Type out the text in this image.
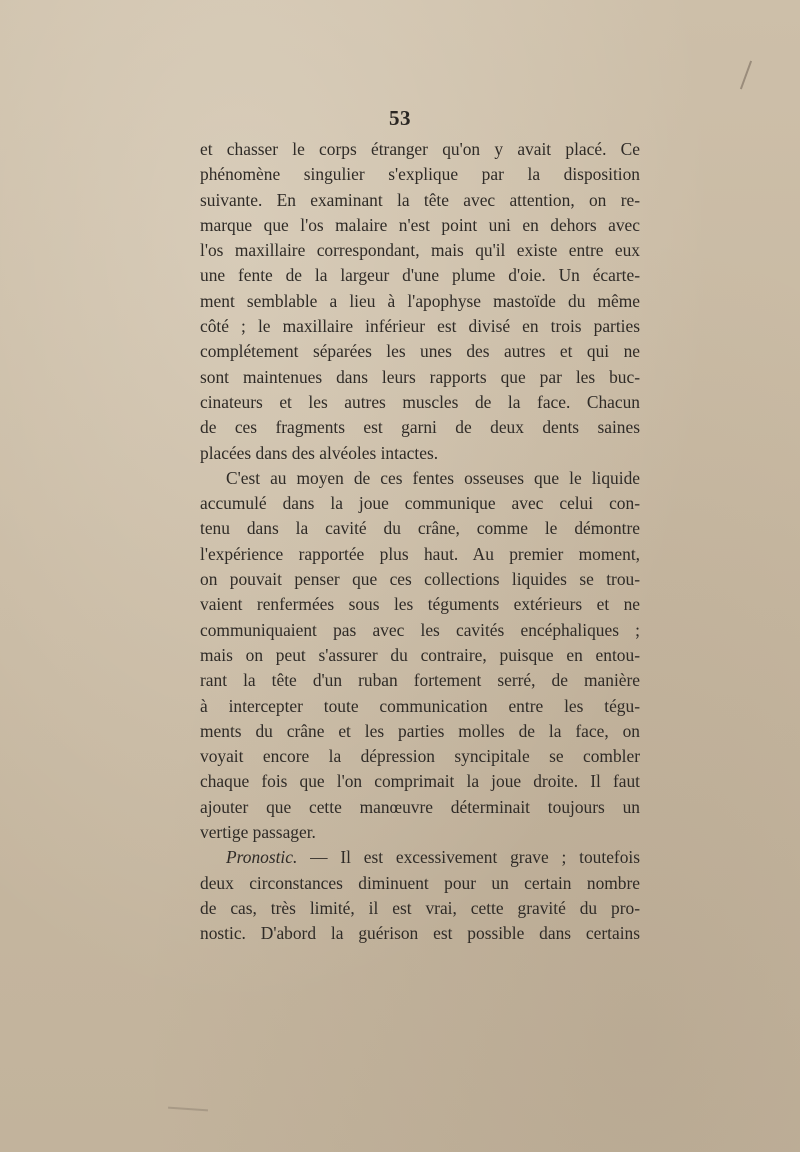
53
et chasser le corps étranger qu'on y avait placé. Ce
phénomène singulier s'explique par la disposition
suivante. En examinant la tête avec attention, on re-
marque que l'os malaire n'est point uni en dehors avec
l'os maxillaire correspondant, mais qu'il existe entre eux
une fente de la largeur d'une plume d'oie. Un écarte-
ment semblable a lieu à l'apophyse mastoïde du même
côté ; le maxillaire inférieur est divisé en trois parties
complétement séparées les unes des autres et qui ne
sont maintenues dans leurs rapports que par les buc-
cinateurs et les autres muscles de la face. Chacun
de ces fragments est garni de deux dents saines
placées dans des alvéoles intactes.
C'est au moyen de ces fentes osseuses que le liquide
accumulé dans la joue communique avec celui con-
tenu dans la cavité du crâne, comme le démontre
l'expérience rapportée plus haut. Au premier moment,
on pouvait penser que ces collections liquides se trou-
vaient renfermées sous les téguments extérieurs et ne
communiquaient pas avec les cavités encéphaliques ;
mais on peut s'assurer du contraire, puisque en entou-
rant la tête d'un ruban fortement serré, de manière
à intercepter toute communication entre les tégu-
ments du crâne et les parties molles de la face, on
voyait encore la dépression syncipitale se combler
chaque fois que l'on comprimait la joue droite. Il faut
ajouter que cette manœuvre déterminait toujours un
vertige passager.
Pronostic. — Il est excessivement grave ; toutefois
deux circonstances diminuent pour un certain nombre
de cas, très limité, il est vrai, cette gravité du pro-
nostic. D'abord la guérison est possible dans certains
